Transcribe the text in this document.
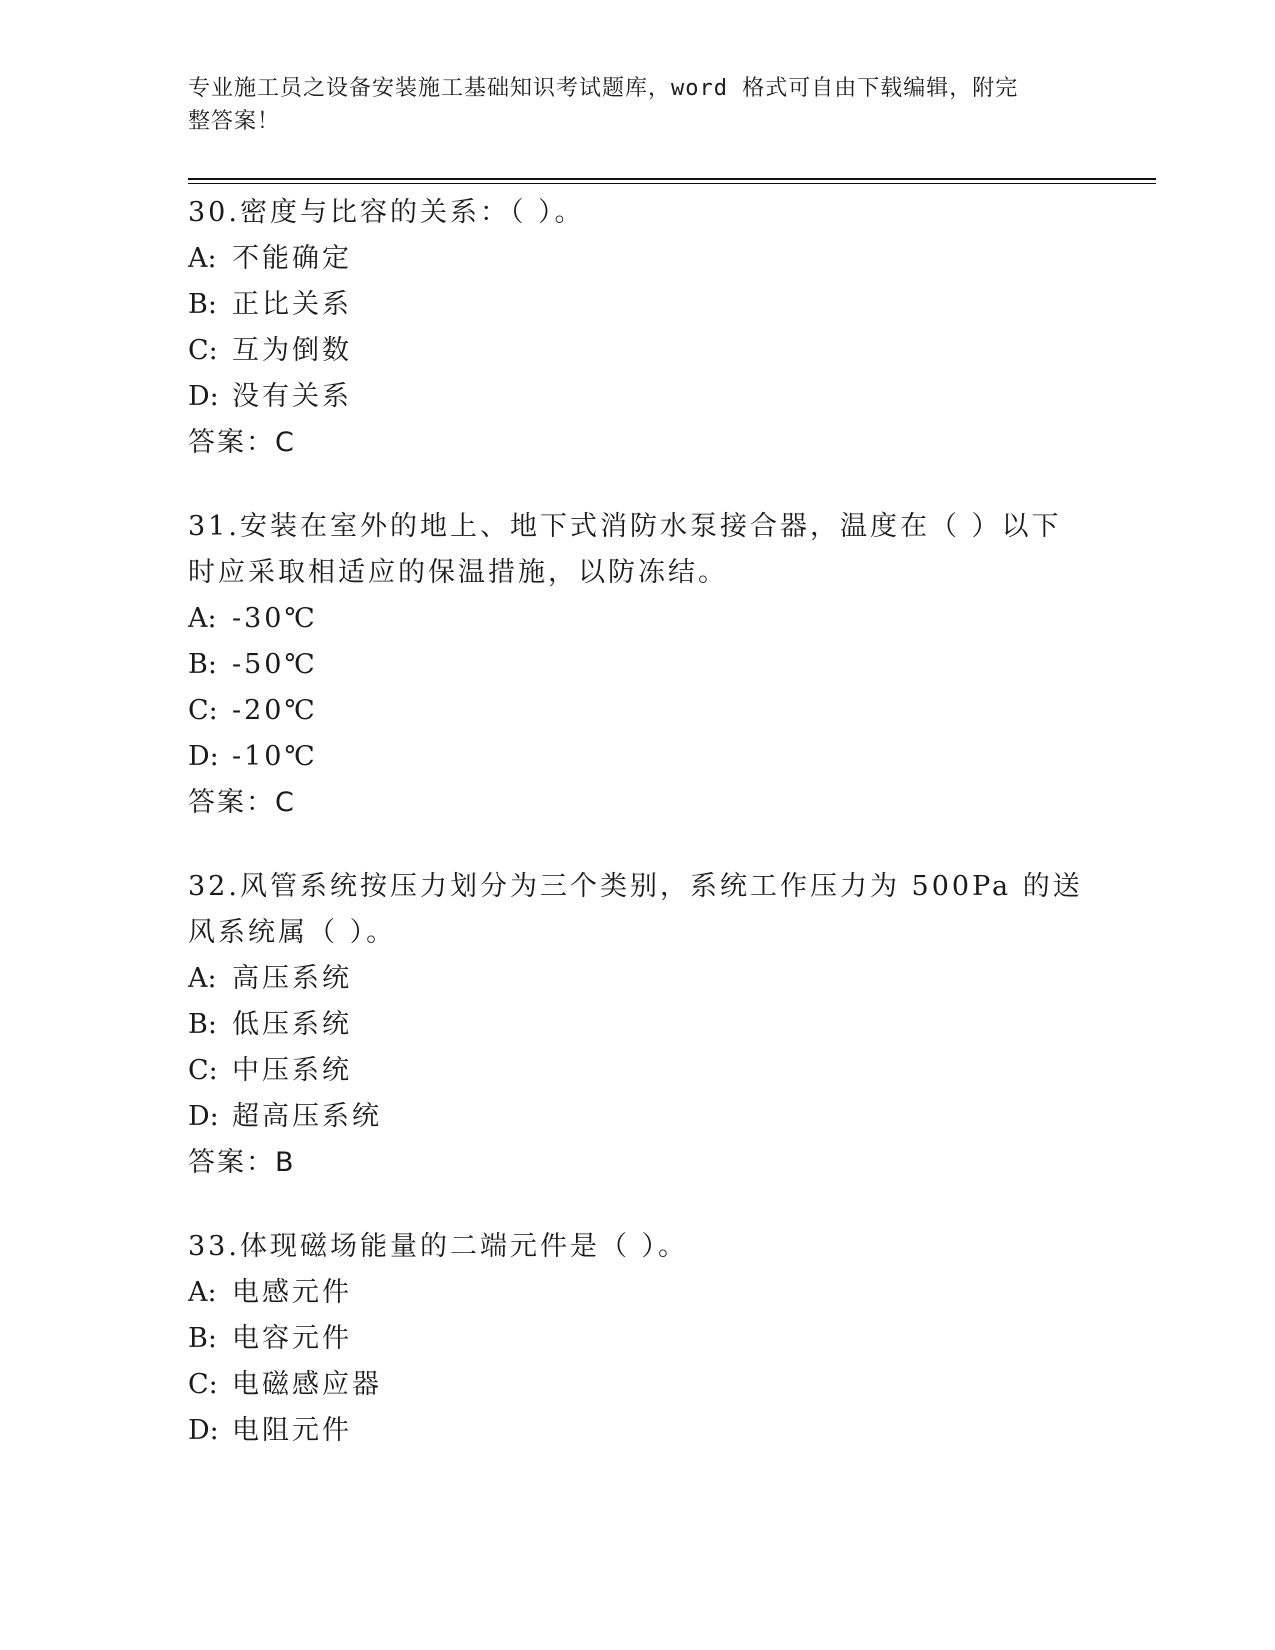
专业施工员之设备安装施工基础知识考试题库，word 格式可自由下载编辑，附完
整答案！

30.密度与比容的关系：（ ）。

A: 不能确定

B: 正比关系

C: 互为倒数

D: 没有关系

答案：C

31.安装在室外的地上、地下式消防水泵接合器，温度在（ ）以下时应采取相适应的保温措施，以防冻结。

A: -30℃

B: -50℃

C: -20℃

D: -10℃

答案：C

32.风管系统按压力划分为三个类别，系统工作压力为 500Pa 的送风系统属（ ）。

A: 高压系统

B: 低压系统

C: 中压系统

D: 超高压系统

答案：B

33.体现磁场能量的二端元件是（ ）。

A: 电感元件

B: 电容元件

C: 电磁感应器

D: 电阻元件
